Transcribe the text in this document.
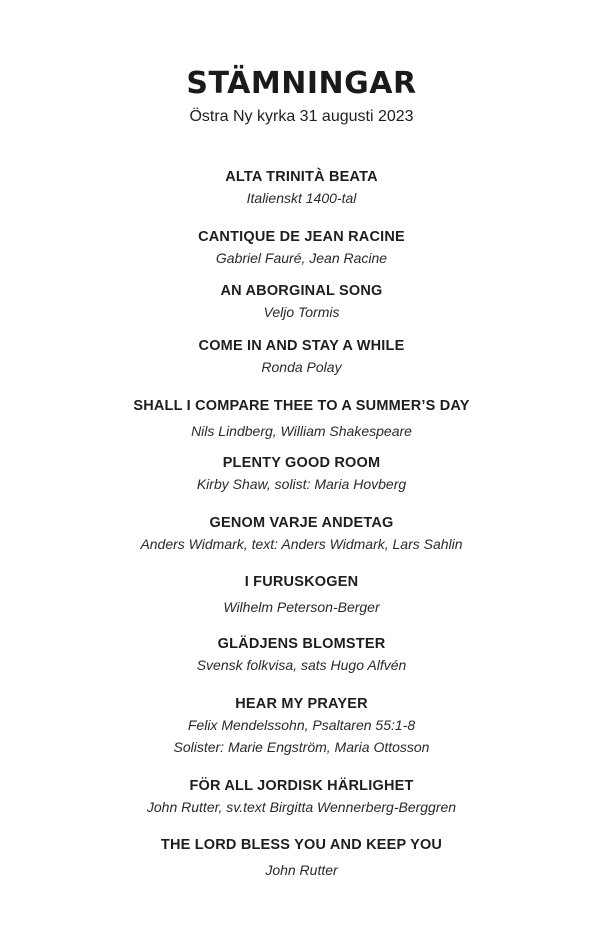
STÄMNINGAR
Östra Ny kyrka 31 augusti 2023
ALTA TRINITÀ BEATA
Italienskt 1400-tal
CANTIQUE DE JEAN RACINE
Gabriel Fauré, Jean Racine
AN ABORGINAL SONG
Veljo Tormis
COME IN AND STAY A WHILE
Ronda Polay
SHALL I COMPARE THEE TO A SUMMER’S DAY
Nils Lindberg, William Shakespeare
PLENTY GOOD ROOM
Kirby Shaw, solist: Maria Hovberg
GENOM VARJE ANDETAG
Anders Widmark, text: Anders Widmark, Lars Sahlin
I FURUSKOGEN
Wilhelm Peterson-Berger
GLÄDJENS BLOMSTER
Svensk folkvisa, sats Hugo Alfvén
HEAR MY PRAYER
Felix Mendelssohn, Psaltaren 55:1-8
Solister: Marie Engström, Maria Ottosson
FÖR ALL JORDISK HÄRLIGHET
John Rutter, sv.text Birgitta Wennerberg-Berggren
THE LORD BLESS YOU AND KEEP YOU
John Rutter
